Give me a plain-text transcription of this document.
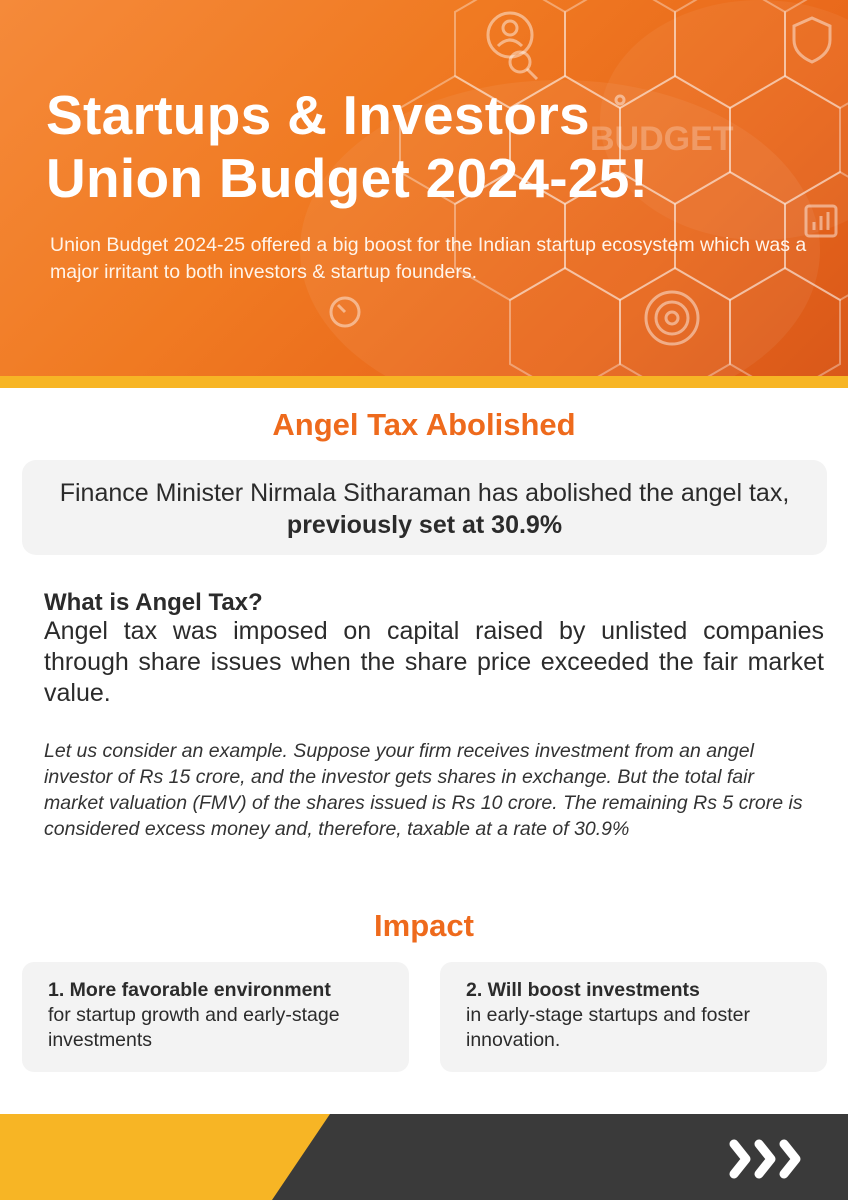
BUDGET
Startups & Investors
Union Budget 2024-25!
Union Budget 2024-25 offered a big boost for the Indian startup ecosystem which was a major irritant to both investors & startup founders.
Angel Tax Abolished
Finance Minister Nirmala Sitharaman has abolished the angel tax, previously set at 30.9%
What is Angel Tax?
Angel tax was imposed on capital raised by unlisted companies through share issues when the share price exceeded the fair market value.
Let us consider an example. Suppose your firm receives investment from an angel investor of Rs 15 crore, and the investor gets shares in exchange. But the total fair market valuation (FMV) of the shares issued is Rs 10 crore. The remaining Rs 5 crore is considered excess money and, therefore, taxable at a rate of 30.9%
Impact
1. More favorable environment
for startup growth and early-stage investments
2. Will boost investments
in early-stage startups and foster innovation.
